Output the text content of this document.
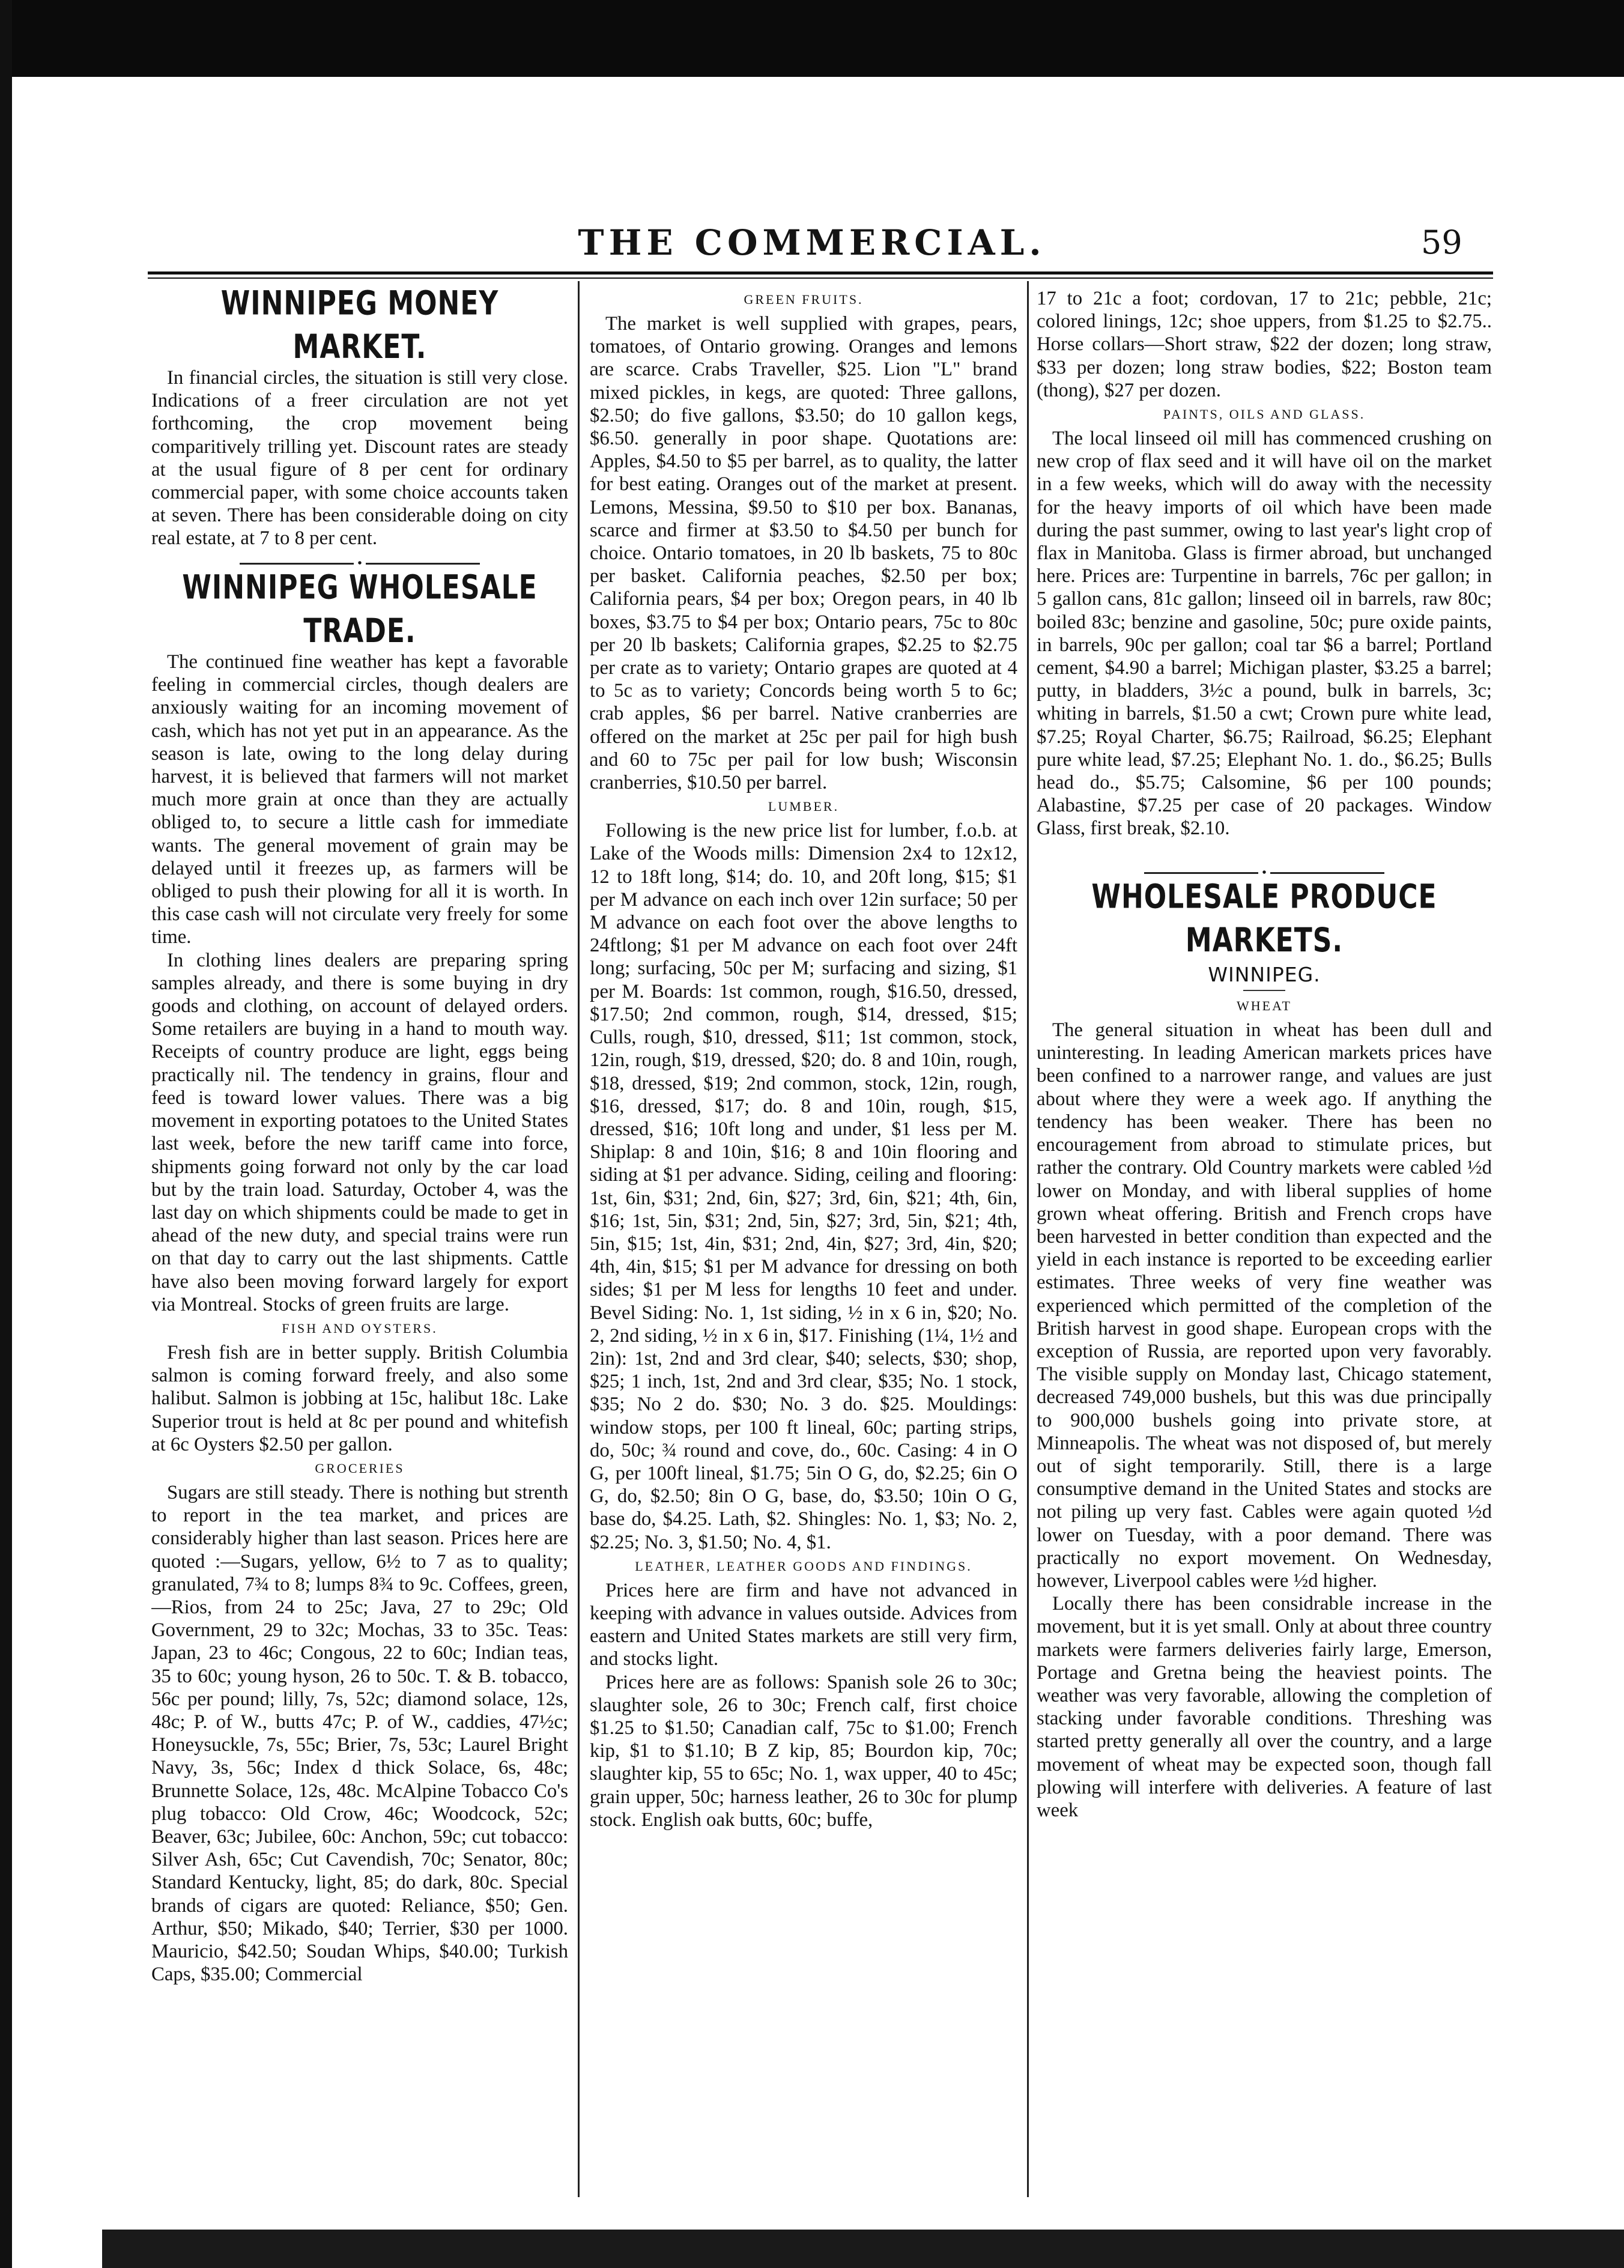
THE COMMERCIAL.	59
WINNIPEG MONEY MARKET.

In financial circles, the situation is still very close. Indications of a freer circulation are not yet forthcoming, the crop movement being comparitively trilling yet. Discount rates are steady at the usual figure of 8 per cent for ordinary commercial paper, with some choice accounts taken at seven. There has been considerable doing on city real estate, at 7 to 8 per cent.

•
WINNIPEG WHOLESALE TRADE.

The continued fine weather has kept a favorable feeling in commercial circles, though dealers are anxiously waiting for an incoming movement of cash, which has not yet put in an appearance. As the season is late, owing to the long delay during harvest, it is believed that farmers will not market much more grain at once than they are actually obliged to, to secure a little cash for immediate wants. The general movement of grain may be delayed until it freezes up, as farmers will be obliged to push their plowing for all it is worth. In this case cash will not circulate very freely for some time.

In clothing lines dealers are preparing spring samples already, and there is some buying in dry goods and clothing, on account of delayed orders. Some retailers are buying in a hand to mouth way. Receipts of country produce are light, eggs being practically nil. The tendency in grains, flour and feed is toward lower values. There was a big movement in exporting potatoes to the United States last week, before the new tariff came into force, shipments going forward not only by the car load but by the train load. Saturday, October 4, was the last day on which shipments could be made to get in ahead of the new duty, and special trains were run on that day to carry out the last shipments. Cattle have also been moving forward largely for export via Montreal. Stocks of green fruits are large.

FISH AND OYSTERS.

Fresh fish are in better supply. British Columbia salmon is coming forward freely, and also some halibut. Salmon is jobbing at 15c, halibut 18c. Lake Superior trout is held at 8c per pound and whitefish at 6c Oysters $2.50 per gallon.

GROCERIES

Sugars are still steady. There is nothing but strenth to report in the tea market, and prices are considerably higher than last season. Prices here are quoted :—Sugars, yellow, 6½ to 7 as to quality; granulated, 7¾ to 8; lumps 8¾ to 9c. Coffees, green,—Rios, from 24 to 25c; Java, 27 to 29c; Old Government, 29 to 32c; Mochas, 33 to 35c. Teas: Japan, 23 to 46c; Congous, 22 to 60c; Indian teas, 35 to 60c; young hyson, 26 to 50c. T. & B. tobacco, 56c per pound; lilly, 7s, 52c; diamond solace, 12s, 48c; P. of W., butts 47c; P. of W., caddies, 47½c; Honeysuckle, 7s, 55c; Brier, 7s, 53c; Laurel Bright Navy, 3s, 56c; Index d thick Solace, 6s, 48c; Brunnette Solace, 12s, 48c. McAlpine Tobacco Co's plug tobacco: Old Crow, 46c; Woodcock, 52c; Beaver, 63c; Jubilee, 60c: Anchon, 59c; cut tobacco: Silver Ash, 65c; Cut Cavendish, 70c; Senator, 80c; Standard Kentucky, light, 85; do dark, 80c. Special brands of cigars are quoted: Reliance, $50; Gen. Arthur, $50; Mikado, $40; Terrier, $30 per 1000. Mauricio, $42.50; Soudan Whips, $40.00; Turkish Caps, $35.00; Commercial

GREEN FRUITS.

The market is well supplied with grapes, pears, tomatoes, of Ontario growing. Oranges and lemons are scarce. Crabs Traveller, $25. Lion "L" brand mixed pickles, in kegs, are quoted: Three gallons, $2.50; do five gallons, $3.50; do 10 gallon kegs, $6.50. generally in poor shape. Quotations are: Apples, $4.50 to $5 per barrel, as to quality, the latter for best eating. Oranges out of the market at present. Lemons, Messina, $9.50 to $10 per box. Bananas, scarce and firmer at $3.50 to $4.50 per bunch for choice. Ontario tomatoes, in 20 lb baskets, 75 to 80c per basket. California peaches, $2.50 per box; California pears, $4 per box; Oregon pears, in 40 lb boxes, $3.75 to $4 per box; Ontario pears, 75c to 80c per 20 lb baskets; California grapes, $2.25 to $2.75 per crate as to variety; Ontario grapes are quoted at 4 to 5c as to variety; Concords being worth 5 to 6c; crab apples, $6 per barrel. Native cranberries are offered on the market at 25c per pail for high bush and 60 to 75c per pail for low bush; Wisconsin cranberries, $10.50 per barrel.

LUMBER.

Following is the new price list for lumber, f.o.b. at Lake of the Woods mills: Dimension 2x4 to 12x12, 12 to 18ft long, $14; do. 10, and 20ft long, $15; $1 per M advance on each inch over 12in surface; 50 per M advance on each foot over the above lengths to 24ftlong; $1 per M advance on each foot over 24ft long; surfacing, 50c per M; surfacing and sizing, $1 per M. Boards: 1st common, rough, $16.50, dressed, $17.50; 2nd common, rough, $14, dressed, $15; Culls, rough, $10, dressed, $11; 1st common, stock, 12in, rough, $19, dressed, $20; do. 8 and 10in, rough, $18, dressed, $19; 2nd common, stock, 12in, rough, $16, dressed, $17; do. 8 and 10in, rough, $15, dressed, $16; 10ft long and under, $1 less per M. Shiplap: 8 and 10in, $16; 8 and 10in flooring and siding at $1 per advance. Siding, ceiling and flooring: 1st, 6in, $31; 2nd, 6in, $27; 3rd, 6in, $21; 4th, 6in, $16; 1st, 5in, $31; 2nd, 5in, $27; 3rd, 5in, $21; 4th, 5in, $15; 1st, 4in, $31; 2nd, 4in, $27; 3rd, 4in, $20; 4th, 4in, $15; $1 per M advance for dressing on both sides; $1 per M less for lengths 10 feet and under. Bevel Siding: No. 1, 1st siding, ½ in x 6 in, $20; No. 2, 2nd siding, ½ in x 6 in, $17. Finishing (1¼, 1½ and 2in): 1st, 2nd and 3rd clear, $40; selects, $30; shop, $25; 1 inch, 1st, 2nd and 3rd clear, $35; No. 1 stock, $35; No 2 do. $30; No. 3 do. $25. Mouldings: window stops, per 100 ft lineal, 60c; parting strips, do, 50c; ¾ round and cove, do., 60c. Casing: 4 in O G, per 100ft lineal, $1.75; 5in O G, do, $2.25; 6in O G, do, $2.50; 8in O G, base, do, $3.50; 10in O G, base do, $4.25. Lath, $2. Shingles: No. 1, $3; No. 2, $2.25; No. 3, $1.50; No. 4, $1.

LEATHER, LEATHER GOODS AND FINDINGS.

Prices here are firm and have not advanced in keeping with advance in values outside. Advices from eastern and United States markets are still very firm, and stocks light.

Prices here are as follows: Spanish sole 26 to 30c; slaughter sole, 26 to 30c; French calf, first choice $1.25 to $1.50; Canadian calf, 75c to $1.00; French kip, $1 to $1.10; B Z kip, 85; Bourdon kip, 70c; slaughter kip, 55 to 65c; No. 1, wax upper, 40 to 45c; grain upper, 50c; harness leather, 26 to 30c for plump stock. English oak butts, 60c; buffe,

17 to 21c a foot; cordovan, 17 to 21c; pebble, 21c; colored linings, 12c; shoe uppers, from $1.25 to $2.75.. Horse collars—Short straw, $22 der dozen; long straw, $33 per dozen; long straw bodies, $22; Boston team (thong), $27 per dozen.

PAINTS, OILS AND GLASS.

The local linseed oil mill has commenced crushing on new crop of flax seed and it will have oil on the market in a few weeks, which will do away with the necessity for the heavy imports of oil which have been made during the past summer, owing to last year's light crop of flax in Manitoba. Glass is firmer abroad, but unchanged here. Prices are: Turpentine in barrels, 76c per gallon; in 5 gallon cans, 81c gallon; linseed oil in barrels, raw 80c; boiled 83c; benzine and gasoline, 50c; pure oxide paints, in barrels, 90c per gallon; coal tar $6 a barrel; Portland cement, $4.90 a barrel; Michigan plaster, $3.25 a barrel; putty, in bladders, 3½c a pound, bulk in barrels, 3c; whiting in barrels, $1.50 a cwt; Crown pure white lead, $7.25; Royal Charter, $6.75; Railroad, $6.25; Elephant pure white lead, $7.25; Elephant No. 1. do., $6.25; Bulls head do., $5.75; Calsomine, $6 per 100 pounds; Alabastine, $7.25 per case of 20 packages. Window Glass, first break, $2.10.

•
WHOLESALE PRODUCE MARKETS.
WINNIPEG.
WHEAT

The general situation in wheat has been dull and uninteresting. In leading American markets prices have been confined to a narrower range, and values are just about where they were a week ago. If anything the tendency has been weaker. There has been no encouragement from abroad to stimulate prices, but rather the contrary. Old Country markets were cabled ½d lower on Monday, and with liberal supplies of home grown wheat offering. British and French crops have been harvested in better condition than expected and the yield in each instance is reported to be exceeding earlier estimates. Three weeks of very fine weather was experienced which permitted of the completion of the British harvest in good shape. European crops with the exception of Russia, are reported upon very favorably. The visible supply on Monday last, Chicago statement, decreased 749,000 bushels, but this was due principally to 900,000 bushels going into private store, at Minneapolis. The wheat was not disposed of, but merely out of sight temporarily. Still, there is a large consumptive demand in the United States and stocks are not piling up very fast. Cables were again quoted ½d lower on Tuesday, with a poor demand. There was practically no export movement. On Wednesday, however, Liverpool cables were ½d higher.

Locally there has been considrable increase in the movement, but it is yet small. Only at about three country markets were farmers deliveries fairly large, Emerson, Portage and Gretna being the heaviest points. The weather was very favorable, allowing the completion of stacking under favorable conditions. Threshing was started pretty generally all over the country, and a large movement of wheat may be expected soon, though fall plowing will interfere with deliveries. A feature of last week
